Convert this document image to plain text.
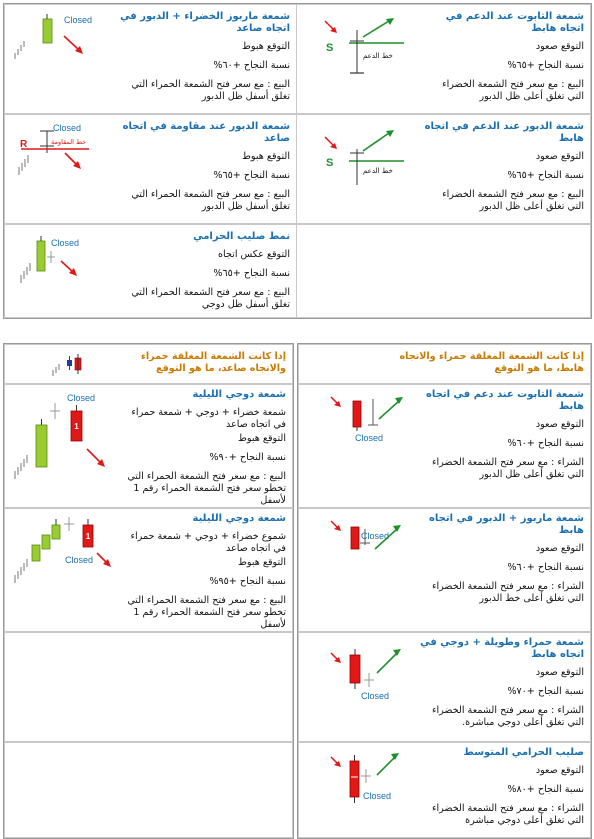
شمعة التابوت عند الدعم في اتجاه هابط
التوقع صعود
نسبة النجاح +٦٥%
البيع : مع سعر فتح الشمعة الخضراء التي تغلق أعلى ظل الدبور
S
خط الدعم
شمعة ماربوز الخضراء + الدبور في اتجاه صاعد
التوقع هبوط
نسبة النجاح +٦٠%
البيع : مع سعر فتح الشمعة الحمراء التي تغلق أسفل ظل الدبور
Closed
شمعة الدبور عند الدعم في اتجاه هابط
التوقع صعود
نسبة النجاح +٦٥%
البيع : مع سعر فتح الشمعة الخضراء التي تغلق أعلى ظل الدبور
S
خط الدعم
شمعة الدبور عند مقاومة في اتجاه صاعد
التوقع هبوط
نسبة النجاح +٦٥%
البيع : مع سعر فتح الشمعة الحمراء التي تغلق أسفل ظل الدبور
Closed
خط المقاومة
R
نمط صليب الحرامي
التوقع عكس اتجاه
نسبة النجاح +٦٥%
البيع : مع سعر فتح الشمعة الحمراء التي تغلق أسفل ظل دوجي
Closed
إذا كانت الشمعة المغلقة حمراء والاتجاه هابط، ما هو التوقع
شمعة التابوت عند دعم في اتجاه هابط
التوقع صعود
نسبة النجاح +٦٠%
الشراء : مع سعر فتح الشمعة الخضراء التي تغلق أعلى ظل الدبور
Closed
شمعة ماربوز + الدبور في اتجاه هابط
التوقع صعود
نسبة النجاح +٦٠%
الشراء : مع سعر فتح الشمعة الخضراء التي تغلق أعلى خط الدبور
Closed
شمعة حمراء وطويلة + دوجي في اتجاه هابط
التوقع صعود
نسبة النجاح +٧٠%
الشراء : مع سعر فتح الشمعة الخضراء التي تغلق أعلى دوجي مباشرة.
Closed
صليب الحرامي المتوسط
التوقع صعود
نسبة النجاح +٨٠%
الشراء : مع سعر فتح الشمعة الخضراء التي تغلق أعلى دوجي مباشرة
Closed
إذا كانت الشمعة المغلقة حمراء والاتجاه صاعد، ما هو التوقع
شمعة دوجي الليلية
شمعة خضراء + دوجي + شمعة حمراء في اتجاه صاعد
التوقع هبوط
نسبة النجاح +٩٠%
البيع : مع سعر فتح الشمعة الحمراء التي تخطو سعر فتح الشمعة الحمراء رقم 1 لأسفل
1
Closed
شمعة دوجي الليلية
شموع خضراء + دوجي + شمعة حمراء في اتجاه صاعد
التوقع هبوط
نسبة النجاح +٩٥%
البيع : مع سعر فتح الشمعة الحمراء التي تخطو سعر فتح الشمعة الحمراء رقم 1 لأسفل
1
Closed
